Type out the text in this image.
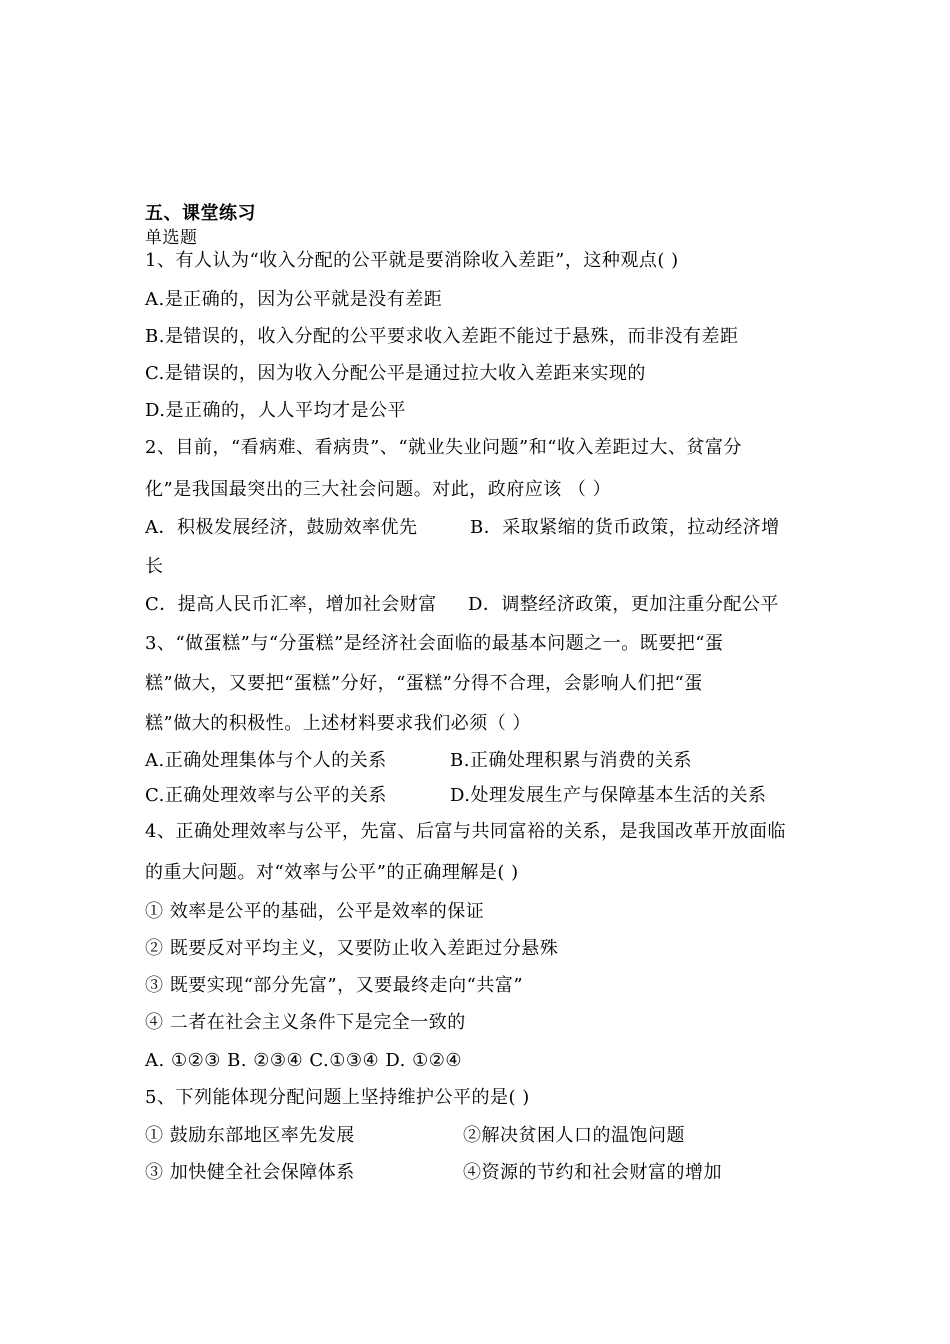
五、课堂练习
单选题
1、有人认为“收入分配的公平就是要消除收入差距”，这种观点( )
A.是正确的，因为公平就是没有差距
B.是错误的，收入分配的公平要求收入差距不能过于悬殊，而非没有差距
C.是错误的，因为收入分配公平是通过拉大收入差距来实现的
D.是正确的，人人平均才是公平
2、目前，“看病难、看病贵”、“就业失业问题”和“收入差距过大、贫富分
化”是我国最突出的三大社会问题。对此，政府应该 （ ）
A．积极发展经济，鼓励效率优先	B．采取紧缩的货币政策，拉动经济增
长
C．提高人民币汇率，增加社会财富 D．调整经济政策，更加注重分配公平
3、“做蛋糕”与“分蛋糕”是经济社会面临的最基本问题之一。既要把“蛋
糕”做大，又要把“蛋糕”分好，“蛋糕”分得不合理，会影响人们把“蛋
糕”做大的积极性。上述材料要求我们必须（ ）
A.正确处理集体与个人的关系	B.正确处理积累与消费的关系
C.正确处理效率与公平的关系	D.处理发展生产与保障基本生活的关系
4、正确处理效率与公平，先富、后富与共同富裕的关系，是我国改革开放面临
的重大问题。对“效率与公平”的正确理解是( )
① 效率是公平的基础，公平是效率的保证
② 既要反对平均主义，又要防止收入差距过分悬殊
③ 既要实现“部分先富”，又要最终走向“共富”
④ 二者在社会主义条件下是完全一致的
A. ①②③ B. ②③④ C.①③④ D. ①②④
5、下列能体现分配问题上坚持维护公平的是( )
① 鼓励东部地区率先发展	②解决贫困人口的温饱问题
③ 加快健全社会保障体系	④资源的节约和社会财富的增加
